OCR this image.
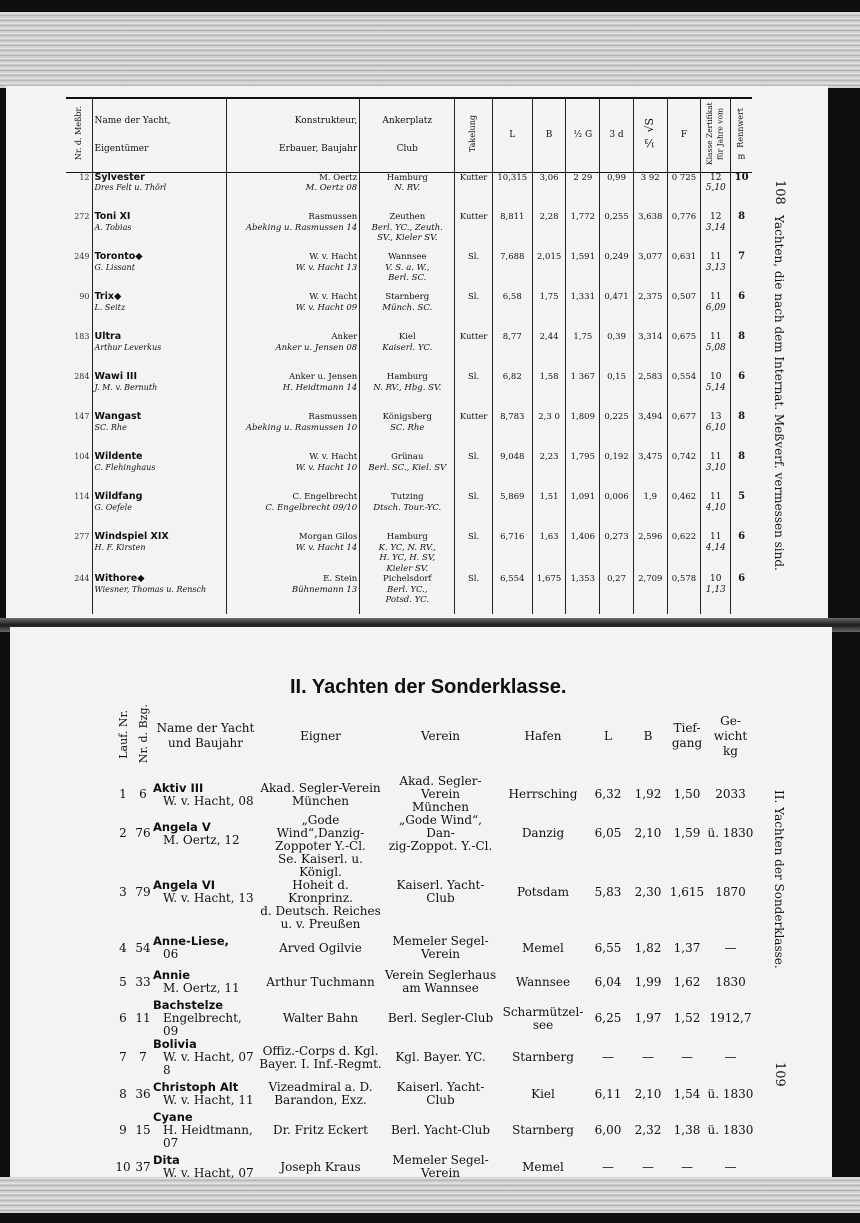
108
Yachten, die nach dem Internat. Meßverf. vermessen sind.
Nr. d. Meßbr.	Name der Yacht,
Eigentümer	Konstrukteur,
Erbauer, Baujahr	Ankerplatz
Club	Takelung	L	B	½ G	3 d	⅓ √S	F	Klasse Zertifikat für Jahre vom	Rennwert
m

12	Sylvester
Dres Felt u. Thörl	M. Oertz
M. Oertz 08	Hamburg
N. RV.	Kutter	10,315	3,06	2 29	0,99	3 92	0 725	12
5,10	10
272	Toni XI
A. Tobias	Rasmussen
Abeking u. Rasmussen 14	Zeuthen
Berl. YC., Zeuth.
SV., Kieler SV.	Kutter	8,811	2,28	1,772	0,255	3,638	0,776	12
3,14	8
249	Toronto◆
G. Lissant	W. v. Hacht
W. v. Hacht 13	Wannsee
V. S. a. W.,
Berl. SC.	Sl.	7,688	2,015	1,591	0,249	3,077	0,631	11
3,13	7
90	Trix◆
L. Seitz	W. v. Hacht
W. v. Hacht 09	Starnberg
Münch. SC.	Sl.	6,58	1,75	1,331	0,471	2,375	0,507	11
6,09	6
183	Ultra
Arthur Leverkus	Anker
Anker u. Jensen 08	Kiel
Kaiserl. YC.	Kutter	8,77	2,44	1,75	0,39	3,314	0,675	11
5,08	8
284	Wawi III
J. M. v. Bernuth	Anker u. Jensen
H. Heidtmann 14	Hamburg
N. RV., Hbg. SV.	Sl.	6,82	1,58	1 367	0,15	2,583	0,554	10
5,14	6
147	Wangast
SC. Rhe	Rasmussen
Abeking u. Rasmussen 10	Königsberg
SC. Rhe	Kutter	8,783	2,3 0	1,809	0,225	3,494	0,677	13
6,10	8
104	Wildente
C. Flehinghaus	W. v. Hacht
W. v. Hacht 10	Grünau
Berl. SC., Kiel. SV	Sl.	9,048	2,23	1,795	0,192	3,475	0,742	11
3,10	8
114	Wildfang
G. Oefele	C. Engelbrecht
C. Engelbrecht 09/10	Tutzing
Dtsch. Tour.-YC.	Sl.	5,869	1,51	1,091	0,006	1,9	0,462	11
4,10	5
277	Windspiel XIX
H. F. Kirsten	Morgan Gilos
W. v. Hacht 14	Hamburg
K. YC, N. RV.,
H. YC, H. SV,
Kieler SV.	Sl.	6,716	1,63	1,406	0,273	2,596	0,622	11
4,14	6
244	Withore◆
Wiesner, Thomas u. Rensch	E. Stein
Bühnemann 13	Pichelsdorf
Berl. YC.,
Potsd. YC.	Sl.	6,554	1,675	1,353	0,27	2,709	0,578	10
1,13	6
II. Yachten der Sonderklasse.
II. Yachten der Sonderklasse.
109
Lauf. Nr.	Nr. d. Bzg.	Name der Yacht
und Baujahr	Eigner	Verein	Hafen	L	B	Tief-gang	Ge-wicht
kg

1	6	Aktiv III
W. v. Hacht, 08	Akad. Segler-Verein
München	Akad. Segler-Verein
München	Herrsching	6,32	1,92	1,50	2033
2	76	Angela V
M. Oertz, 12	„Gode Wind“,Danzig-
Zoppoter Y.-Cl.	„Gode Wind“, Dan-
zig-Zoppot. Y.-Cl.	Danzig	6,05	2,10	1,59	ü. 1830
3	79	Angela VI
W. v. Hacht, 13	Se. Kaiserl. u. Königl.
Hoheit d. Kronprinz.
d. Deutsch. Reiches
u. v. Preußen	Kaiserl. Yacht-Club	Potsdam	5,83	2,30	1,615	1870
4	54	Anne-Liese,
06	Arved Ogilvie	Memeler Segel-
Verein	Memel	6,55	1,82	1,37	—
5	33	Annie
M. Oertz, 11	Arthur Tuchmann	Verein Seglerhaus
am Wannsee	Wannsee	6,04	1,99	1,62	1830
6	11	Bachstelze
Engelbrecht, 09	Walter Bahn	Berl. Segler-Club	Scharmützel-see	6,25	1,97	1,52	1912,7
7	7	Bolivia
W. v. Hacht, 07 8	Offiz.-Corps d. Kgl.
Bayer. I. Inf.-Regmt.	Kgl. Bayer. YC.	Starnberg	—	—	—	—
8	36	Christoph Alt
W. v. Hacht, 11	Vizeadmiral a. D.
Barandon, Exz.	Kaiserl. Yacht-Club	Kiel	6,11	2,10	1,54	ü. 1830
9	15	Cyane
H. Heidtmann, 07	Dr. Fritz Eckert	Berl. Yacht-Club	Starnberg	6,00	2,32	1,38	ü. 1830
10	37	Dita
W. v. Hacht, 07	Joseph Kraus	Memeler Segel-
Verein	Memel	—	—	—	—
